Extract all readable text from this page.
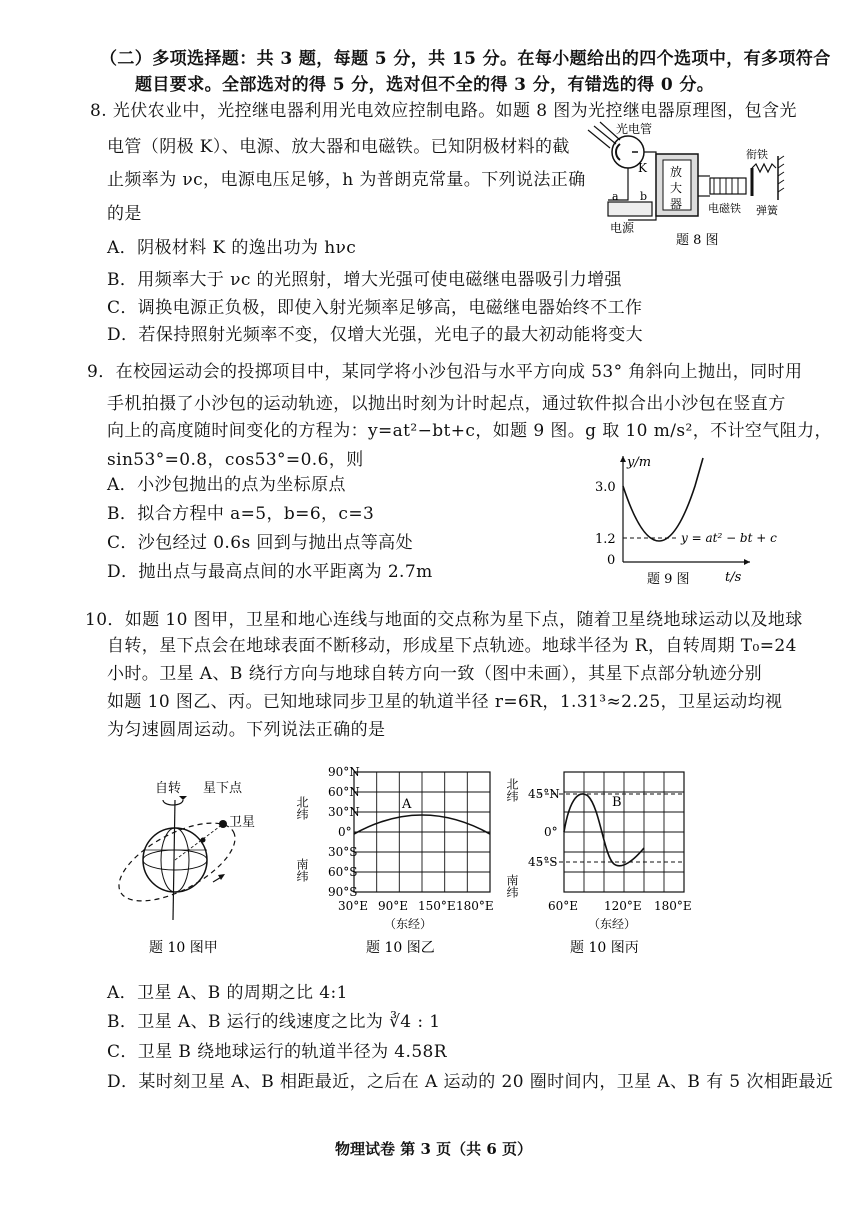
（二）多项选择题：共 3 题，每题 5 分，共 15 分。在每小题给出的四个选项中，有多项符合
题目要求。全部选对的得 5 分，选对但不全的得 3 分，有错选的得 0 分。
8. 光伏农业中，光控继电器利用光电效应控制电路。如题 8 图为光控继电器原理图，包含光
电管（阴极 K）、电源、放大器和电磁铁。已知阴极材料的截
止频率为 νc，电源电压足够，h 为普朗克常量。下列说法正确
的是
A．阴极材料 K 的逸出功为 hνc
B．用频率大于 νc 的光照射，增大光强可使电磁继电器吸引力增强
C．调换电源正负极，即使入射光频率足够高，电磁继电器始终不工作
D．若保持照射光频率不变，仅增大光强，光电子的最大初动能将变大
光电管
K 放
大
器
a b
电源
电磁铁
衔铁
弹簧
题 8 图
9．在校园运动会的投掷项目中，某同学将小沙包沿与水平方向成 53° 角斜向上抛出，同时用
手机拍摄了小沙包的运动轨迹，以抛出时刻为计时起点，通过软件拟合出小沙包在竖直方
向上的高度随时间变化的方程为：y=at²−bt+c，如题 9 图。g 取 10 m/s²，不计空气阻力，
sin53°=0.8，cos53°=0.6，则
A．小沙包抛出的点为坐标原点
B．拟合方程中 a=5，b=6，c=3
C．沙包经过 0.6s 回到与抛出点等高处
D．抛出点与最高点间的水平距离为 2.7m
y/m
t/s
3.0
1.2
0
y = at² − bt + c
题 9 图
10．如题 10 图甲，卫星和地心连线与地面的交点称为星下点，随着卫星绕地球运动以及地球
自转，星下点会在地球表面不断移动，形成星下点轨迹。地球半径为 R，自转周期 T₀=24
小时。卫星 A、B 绕行方向与地球自转方向一致（图中未画），其星下点部分轨迹分别
如题 10 图乙、丙。已知地球同步卫星的轨道半径 r=6R，1.31³≈2.25，卫星运动均视
为匀速圆周运动。下列说法正确的是
自转 星下点
卫星
题 10 图甲
90°N
60°N
30°N
0°
30°S
60°S
90°S
北纬
南纬
A
30°E 90°E 150°E 180°E
（东经）
题 10 图乙
45°N
0°
45°S
北纬
南纬
B
60°E 120°E 180°E
（东经）
题 10 图丙
A．卫星 A、B 的周期之比 4:1
B．卫星 A、B 运行的线速度之比为 ∛4 : 1
C．卫星 B 绕地球运行的轨道半径为 4.58R
D．某时刻卫星 A、B 相距最近，之后在 A 运动的 20 圈时间内，卫星 A、B 有 5 次相距最近
物理试卷 第 3 页（共 6 页）
